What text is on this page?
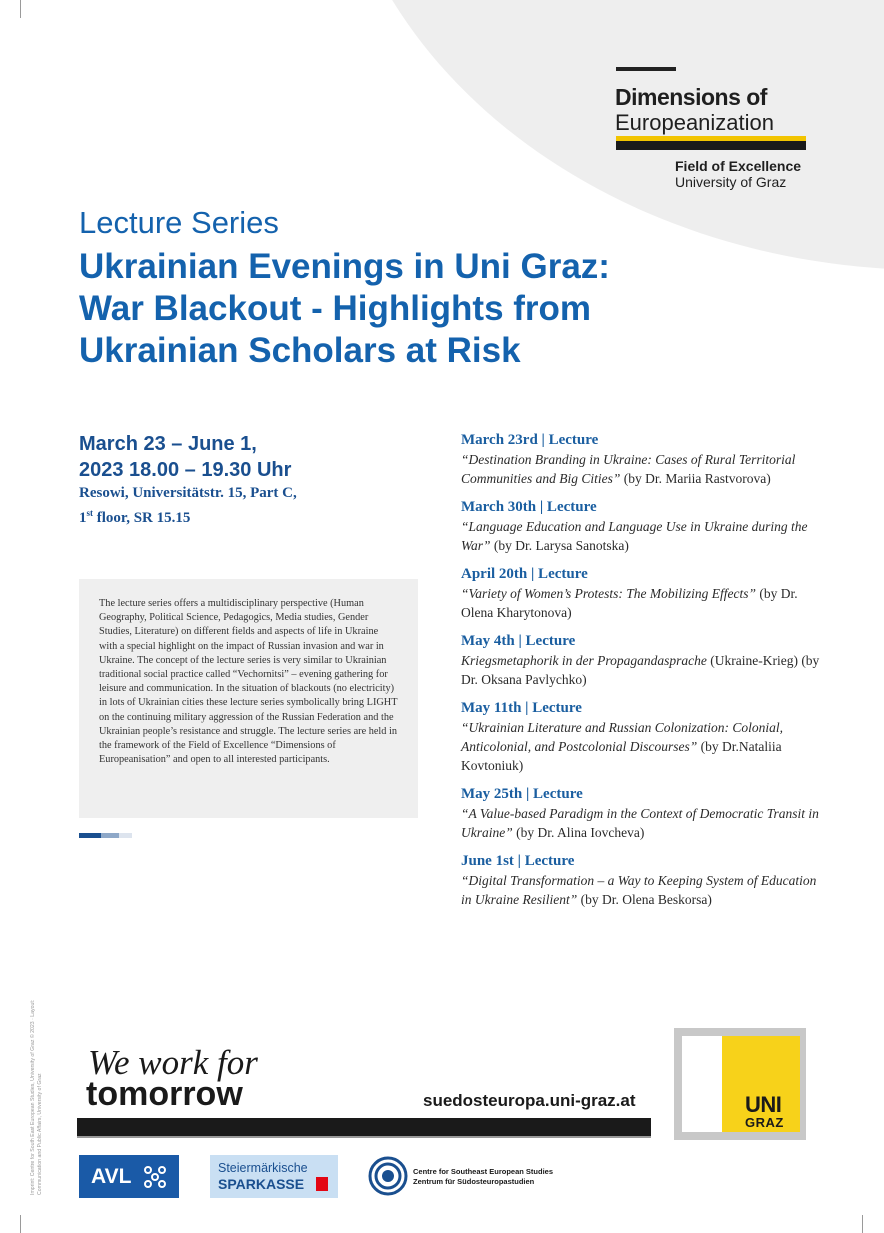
Dimensions of
Europeanization
Field of Excellence
University of Graz
Lecture Series
Ukrainian Evenings in Uni Graz:
War Blackout - Highlights from
Ukrainian Scholars at Risk
March 23 – June 1,
2023 18.00 – 19.30 Uhr
Resowi, Universitätstr. 15, Part C,
1st floor, SR 15.15
The lecture series offers a multidisciplinary perspective (Human Geography, Political Science, Pedagogics, Media studies, Gender Studies, Literature) on different fields and aspects of life in Ukraine with a special highlight on the impact of Russian invasion and war in Ukraine. The concept of the lecture series is very similar to Ukrainian traditional social practice called “Vechornitsi” – evening gathering for leisure and communication. In the situation of blackouts (no electricity) in lots of Ukrainian cities these lecture series symbolically bring LIGHT on the continuing military aggression of the Russian Federation and the Ukrainian people’s resistance and struggle. The lecture series are held in the framework of the Field of Excellence “Dimensions of Europeanisation” and open to all interested participants.
March 23rd | Lecture
“Destination Branding in Ukraine: Cases of Rural Territorial Communities and Big Cities” (by Dr. Mariia Rastvorova)
March 30th | Lecture
“Language Education and Language Use in Ukraine during the War” (by Dr. Larysa Sanotska)
April 20th | Lecture
“Variety of Women’s Protests: The Mobilizing Effects” (by Dr. Olena Kharytonova)
May 4th | Lecture
Kriegsmetaphorik in der Propagandasprache (Ukraine-Krieg) (by Dr. Oksana Pavlychko)
May 11th | Lecture
“Ukrainian Literature and Russian Colonization: Colonial, Anticolonial, and Postcolonial Discourses” (by Dr.Nataliia Kovtoniuk)
May 25th | Lecture
“A Value-based Paradigm in the Context of Democratic Transit in Ukraine” (by Dr. Alina Iovcheva)
June 1st | Lecture
“Digital Transformation – a Way to Keeping System of Education in Ukraine Resilient” (by Dr. Olena Beskorsa)
Imprint: Centre for South East European Studies, University of Graz © 2023 · Layout: Communication and Public Affairs, University of Graz
We work for
tomorrow	suedosteuropa.uni-graz.at	UNI
GRAZ
AVL	Steiermärkische
SPARKASSE
Centre for Southeast European Studies
Zentrum für Südosteuropastudien
